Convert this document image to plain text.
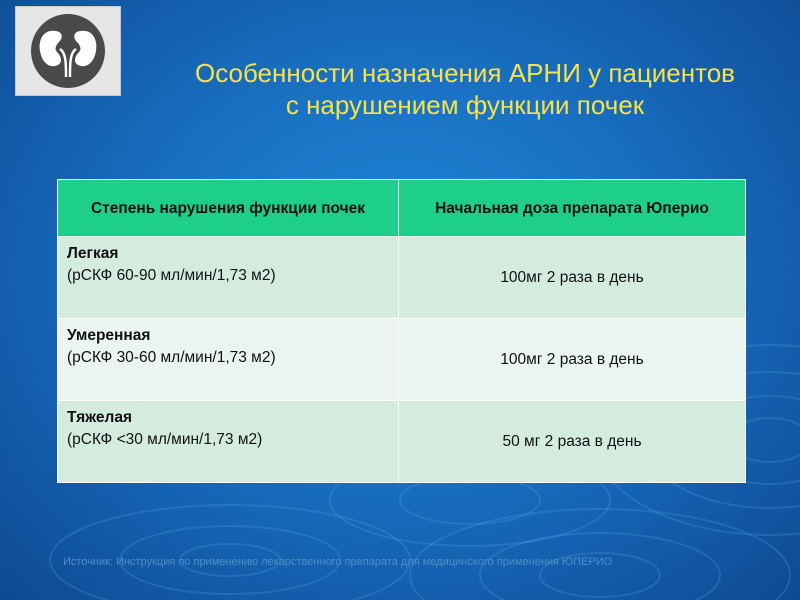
Особенности назначения АРНИ у пациентов
с нарушением функции почек
Степень нарушения функции почек	Начальная доза препарата Юперио

Легкая
(рСКФ 60-90 мл/мин/1,73 м2)	100мг 2 раза в день

Умеренная
(рСКФ 30-60 мл/мин/1,73 м2)	100мг 2 раза в день

Тяжелая
(рСКФ <30 мл/мин/1,73 м2)	50 мг 2 раза в день
Источник: Инструкция по применению лекарственного препарата для медицинского применения ЮПЕРИО
